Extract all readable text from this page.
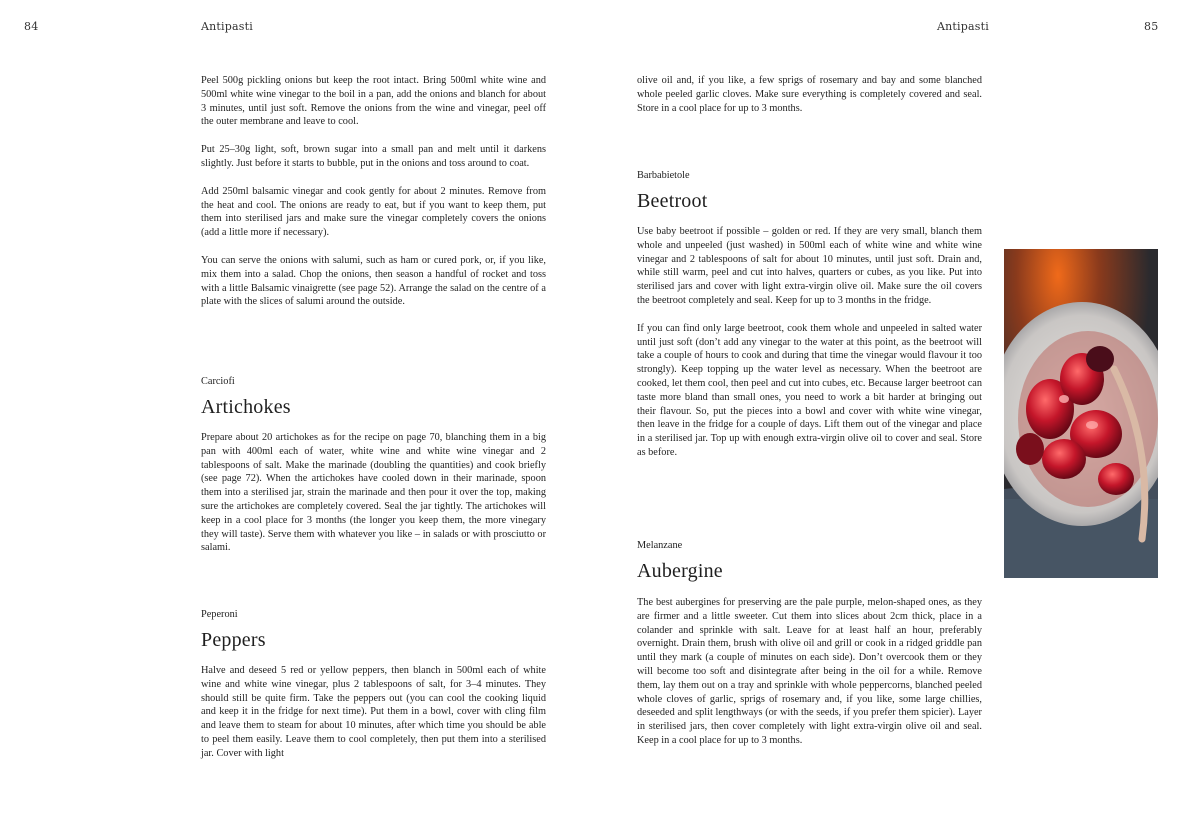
84	Antipasti

Peel 500g pickling onions but keep the root intact. Bring 500ml white wine and 500ml white wine vinegar to the boil in a pan, add the onions and blanch for about 3 minutes, until just soft. Remove the onions from the wine and vinegar, peel off the outer membrane and leave to cool.

Put 25–30g light, soft, brown sugar into a small pan and melt until it darkens slightly. Just before it starts to bubble, put in the onions and toss around to coat.

Add 250ml balsamic vinegar and cook gently for about 2 minutes. Remove from the heat and cool. The onions are ready to eat, but if you want to keep them, put them into sterilised jars and make sure the vinegar completely covers the onions (add a little more if necessary).

You can serve the onions with salumi, such as ham or cured pork, or, if you like, mix them into a salad. Chop the onions, then season a handful of rocket and toss with a little Balsamic vinaigrette (see page 52). Arrange the salad on the centre of a plate with the slices of salumi around the outside.

Carciofi
Artichokes

Prepare about 20 artichokes as for the recipe on page 70, blanching them in a big pan with 400ml each of water, white wine and white wine vinegar and 2 tablespoons of salt. Make the marinade (doubling the quantities) and cook briefly (see page 72). When the artichokes have cooled down in their marinade, spoon them into a sterilised jar, strain the marinade and then pour it over the top, making sure the artichokes are completely covered. Seal the jar tightly. The artichokes will keep in a cool place for 3 months (the longer you keep them, the more vinegary they will taste). Serve them with whatever you like – in salads or with prosciutto or salami.

Peperoni
Peppers

Halve and deseed 5 red or yellow peppers, then blanch in 500ml each of white wine and white wine vinegar, plus 2 tablespoons of salt, for 3–4 minutes. They should still be quite firm. Take the peppers out (you can cool the cooking liquid and keep it in the fridge for next time). Put them in a bowl, cover with cling film and leave them to steam for about 10 minutes, after which time you should be able to peel them easily. Leave them to cool completely, then put them into a sterilised jar. Cover with light

Antipasti	85

olive oil and, if you like, a few sprigs of rosemary and bay and some blanched whole peeled garlic cloves. Make sure everything is completely covered and seal. Store in a cool place for up to 3 months.

Barbabietole
Beetroot

Use baby beetroot if possible – golden or red. If they are very small, blanch them whole and unpeeled (just washed) in 500ml each of white wine and white wine vinegar and 2 tablespoons of salt for about 10 minutes, until just soft. Drain and, while still warm, peel and cut into halves, quarters or cubes, as you like. Put into sterilised jars and cover with light extra-virgin olive oil. Make sure the oil covers the beetroot completely and seal. Keep for up to 3 months in the fridge.

If you can find only large beetroot, cook them whole and unpeeled in salted water until just soft (don’t add any vinegar to the water at this point, as the beetroot will take a couple of hours to cook and during that time the vinegar would flavour it too strongly). Keep topping up the water level as necessary. When the beetroot are cooked, let them cool, then peel and cut into cubes, etc. Because larger beetroot can taste more bland than small ones, you need to work a bit harder at bringing out their flavour. So, put the pieces into a bowl and cover with white wine vinegar, then leave in the fridge for a couple of days. Lift them out of the vinegar and place in a sterilised jar. Top up with enough extra-virgin olive oil to cover and seal. Store as before.

Melanzane
Aubergine

The best aubergines for preserving are the pale purple, melon-shaped ones, as they are firmer and a little sweeter. Cut them into slices about 2cm thick, place in a colander and sprinkle with salt. Leave for at least half an hour, preferably overnight. Drain them, brush with olive oil and grill or cook in a ridged griddle pan until they mark (a couple of minutes on each side). Don’t overcook them or they will become too soft and disintegrate after being in the oil for a while. Remove them, lay them out on a tray and sprinkle with whole peppercorns, blanched peeled whole cloves of garlic, sprigs of rosemary and, if you like, some large chillies, deseeded and split lengthways (or with the seeds, if you prefer them spicier). Layer in sterilised jars, then cover completely with light extra-virgin olive oil and seal. Keep in a cool place for up to 3 months.
